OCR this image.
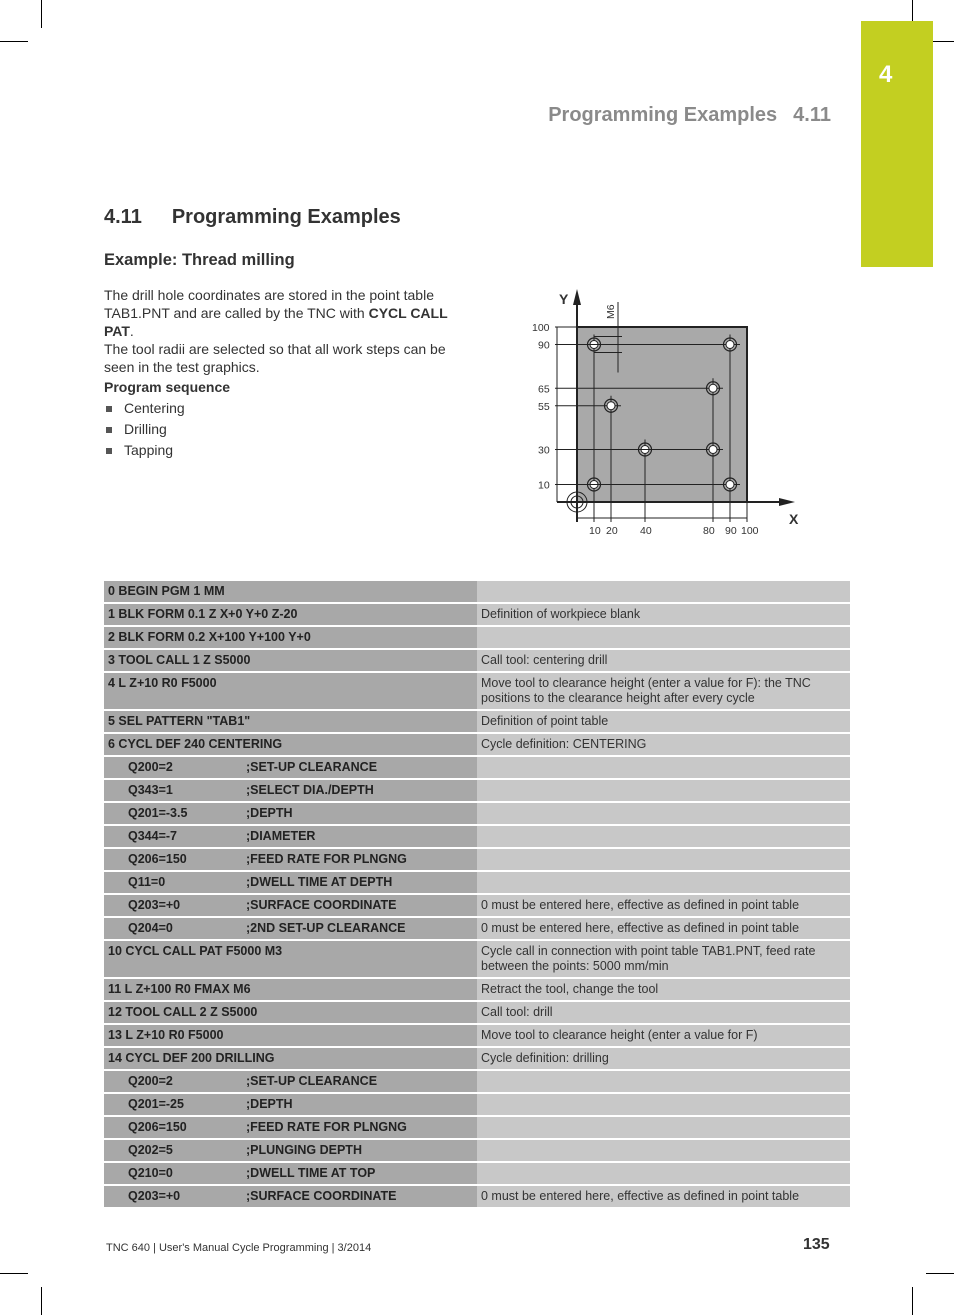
4
Programming Examples 4.11
4.11 Programming Examples
Example: Thread milling

The drill hole coordinates are stored in the point table TAB1.PNT and are called by the TNC with CYCL CALL PAT.

The tool radii are selected so that all work steps can be seen in the test graphics.

Program sequence

Centering
Drilling
Tapping
X
Y
10 20 40	80 90 100
100
90
65
55
30
10
M6
0 BEGIN PGM 1 MM	
1 BLK FORM 0.1 Z X+0 Y+0 Z-20	Definition of workpiece blank
2 BLK FORM 0.2 X+100 Y+100 Y+0	
3 TOOL CALL 1 Z S5000	Call tool: centering drill
4 L Z+10 R0 F5000	Move tool to clearance height (enter a value for F): the TNC positions to the clearance height after every cycle
5 SEL PATTERN "TAB1"	Definition of point table
6 CYCL DEF 240 CENTERING	Cycle definition: CENTERING
Q200=2 ;SET-UP CLEARANCE	
Q343=1 ;SELECT DIA./DEPTH	
Q201=-3.5 ;DEPTH	
Q344=-7 ;DIAMETER	
Q206=150 ;FEED RATE FOR PLNGNG	
Q11=0 ;DWELL TIME AT DEPTH	
Q203=+0 ;SURFACE COORDINATE	0 must be entered here, effective as defined in point table
Q204=0 ;2ND SET-UP CLEARANCE	0 must be entered here, effective as defined in point table
10 CYCL CALL PAT F5000 M3	Cycle call in connection with point table TAB1.PNT, feed rate between the points: 5000 mm/min
11 L Z+100 R0 FMAX M6	Retract the tool, change the tool
12 TOOL CALL 2 Z S5000	Call tool: drill
13 L Z+10 R0 F5000	Move tool to clearance height (enter a value for F)
14 CYCL DEF 200 DRILLING	Cycle definition: drilling
Q200=2 ;SET-UP CLEARANCE	
Q201=-25 ;DEPTH	
Q206=150 ;FEED RATE FOR PLNGNG	
Q202=5 ;PLUNGING DEPTH	
Q210=0 ;DWELL TIME AT TOP	
Q203=+0 ;SURFACE COORDINATE	0 must be entered here, effective as defined in point table
TNC 640 | User's Manual Cycle Programming | 3/2014	135
